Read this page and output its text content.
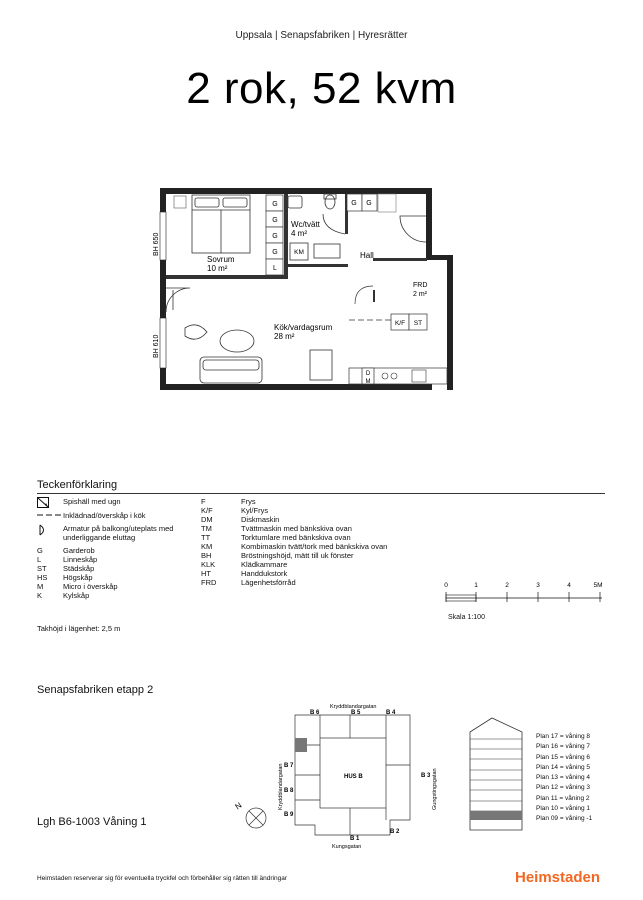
Uppsala | Senapsfabriken | Hyresrätter
2 rok, 52 kvm
G
G
G
G
L
KM
G G
K/F ST
D
M
Sovrum
10 m²
Wc/tvätt
4 m²
Hall
FRD
2 m²
Kök/vardagsrum
28 m²
BH 650
BH 610
Teckenförklaring
Spishäll med ugn
Inklädnad/överskåp i kök
Armatur på balkong/uteplats med underliggande eluttag
G	Garderob
L	Linneskåp
ST	Städskåp
HS	Högskåp
M	Micro i överskåp
K	Kylskåp
F	Frys
K/F	Kyl/Frys
DM	Diskmaskin
TM	Tvättmaskin med bänkskiva ovan
TT	Torktumlare med bänkskiva ovan
KM	Kombimaskin tvätt/tork med bänkskiva ovan
BH	Bröstningshöjd, mätt till uk fönster
KLK	Klädkammare
HT	Handdukstork
FRD	Lägenhetsförråd
Takhöjd i lägenhet: 2,5 m
0	1	2	3	4	5M
Skala 1:100
Senapsfabriken etapp 2
Kryddblandargatan
Kryddblandargatan	Gungstingsgatan
Kungsgatan
B 6	B 5	B 4
B 7
B 3
B 8
B 9
B 1
B 2
HUS B
N
Plan 17 = våning 8
Plan 16 = våning 7
Plan 15 = våning 6
Plan 14 = våning 5
Plan 13 = våning 4
Plan 12 = våning 3
Plan 11 = våning 2
Plan 10 = våning 1
Plan 09 = våning -1
Lgh B6-1003 Våning 1
Heimstaden reserverar sig för eventuella tryckfel och förbehåller sig rätten till ändringar	Heimstaden
